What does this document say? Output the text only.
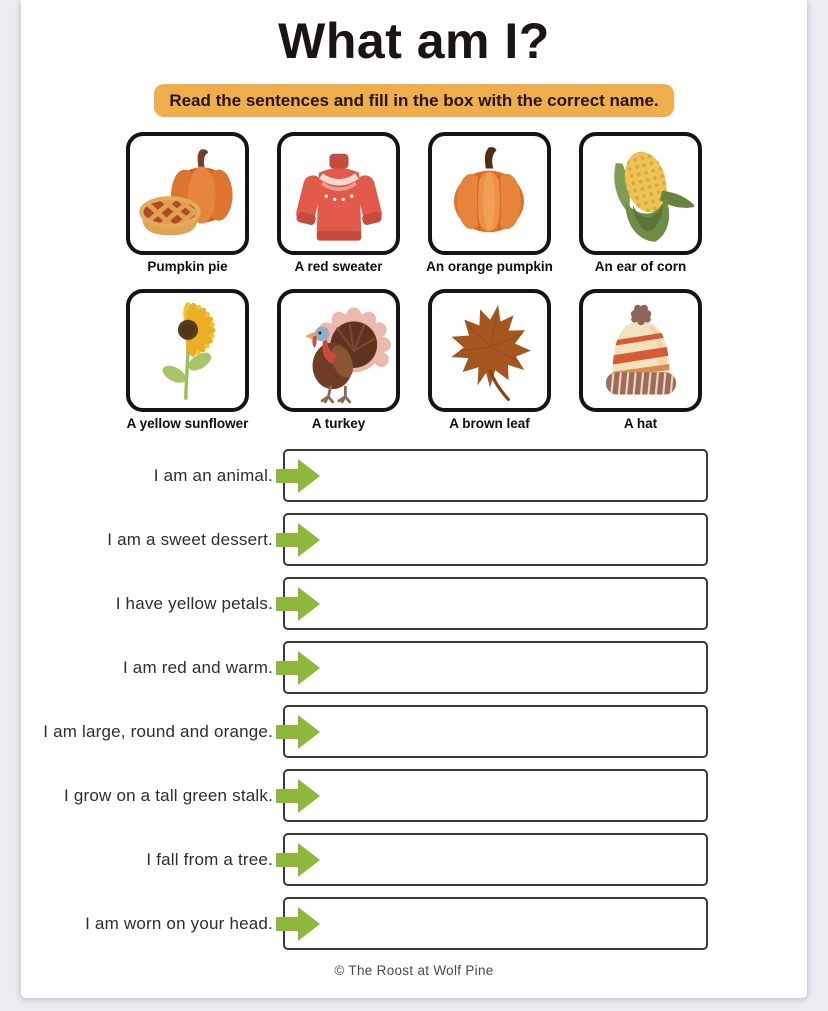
What am I?
Read the sentences and fill in the box with the correct name.
Pumpkin pie	A red sweater	An orange pumpkin	An ear of corn
A yellow sunflower	A turkey	A brown leaf	A hat
I am an animal.
I am a sweet dessert.
I have yellow petals.
I am red and warm.
I am large, round and orange.
I grow on a tall green stalk.
I fall from a tree.
I am worn on your head.
© The Roost at Wolf Pine
